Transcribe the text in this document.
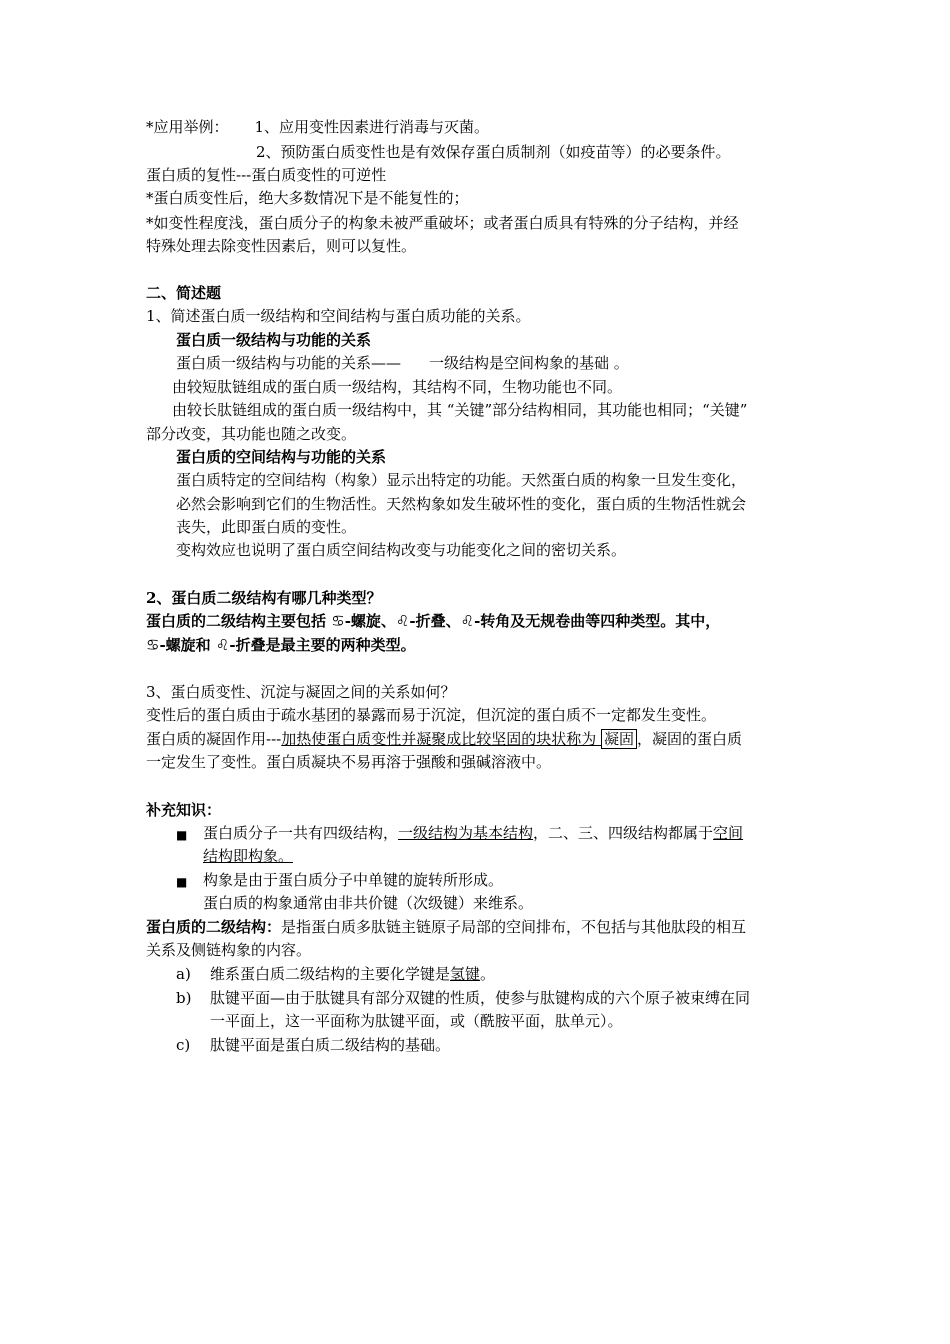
*应用举例： 1、应用变性因素进行消毒与灭菌。
2、预防蛋白质变性也是有效保存蛋白质制剂（如疫苗等）的必要条件。
蛋白质的复性---蛋白质变性的可逆性
*蛋白质变性后，绝大多数情况下是不能复性的；
*如变性程度浅，蛋白质分子的构象未被严重破坏；或者蛋白质具有特殊的分子结构，并经
特殊处理去除变性因素后，则可以复性。
二、简述题
1、简述蛋白质一级结构和空间结构与蛋白质功能的关系。
蛋白质一级结构与功能的关系
蛋白质一级结构与功能的关系—— 一级结构是空间构象的基础 。
由较短肽链组成的蛋白质一级结构，其结构不同，生物功能也不同。
由较长肽链组成的蛋白质一级结构中，其 “关键”部分结构相同，其功能也相同；“关键”
部分改变，其功能也随之改变。
蛋白质的空间结构与功能的关系
蛋白质特定的空间结构（构象）显示出特定的功能。天然蛋白质的构象一旦发生变化，
必然会影响到它们的生物活性。天然构象如发生破坏性的变化，蛋白质的生物活性就会
丧失，此即蛋白质的变性。
变构效应也说明了蛋白质空间结构改变与功能变化之间的密切关系。
2、蛋白质二级结构有哪几种类型？
蛋白质的二级结构主要包括 ♋-螺旋、♌-折叠、♌-转角及无规卷曲等四种类型。其中，
♋-螺旋和 ♌-折叠是最主要的两种类型。
3、蛋白质变性、沉淀与凝固之间的关系如何？
变性后的蛋白质由于疏水基团的暴露而易于沉淀，但沉淀的蛋白质不一定都发生变性。
蛋白质的凝固作用---加热使蛋白质变性并凝聚成比较坚固的块状称为 凝固 ，凝固的蛋白质
一定发生了变性。蛋白质凝块不易再溶于强酸和强碱溶液中。
补充知识：
■ 蛋白质分子一共有四级结构，一级结构为基本结构，二、三、四级结构都属于空间
结构即构象。
■ 构象是由于蛋白质分子中单键的旋转所形成。
蛋白质的构象通常由非共价键（次级键）来维系。
蛋白质的二级结构：是指蛋白质多肽链主链原子局部的空间排布，不包括与其他肽段的相互
关系及侧链构象的内容。
a) 维系蛋白质二级结构的主要化学键是氢键。
b) 肽键平面—由于肽键具有部分双键的性质，使参与肽键构成的六个原子被束缚在同
一平面上，这一平面称为肽键平面，或（酰胺平面，肽单元）。
c) 肽键平面是蛋白质二级结构的基础。
